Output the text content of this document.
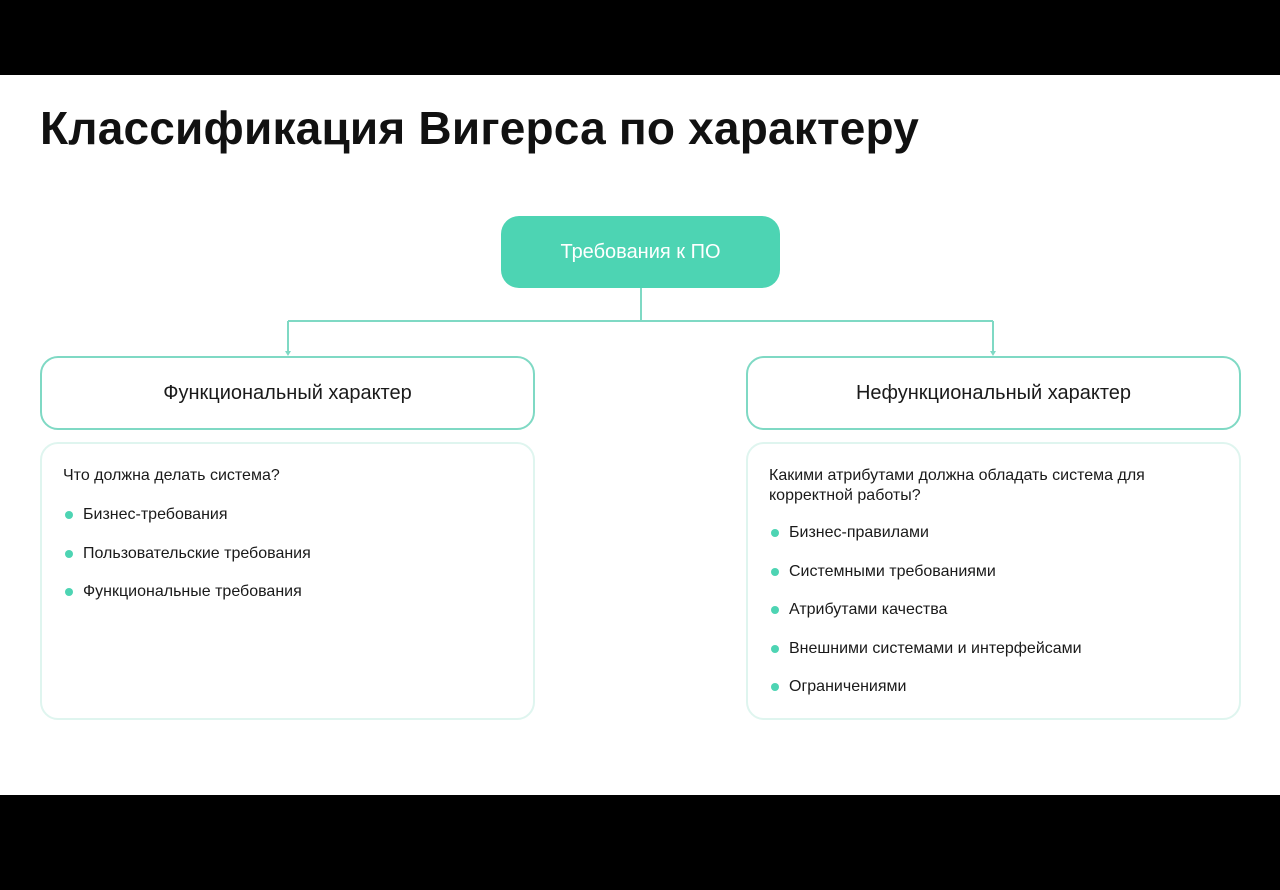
Классификация Вигерса по характеру
Требования к ПО
Функциональный характер	Нефункциональный характер
Что должна делать система?
Бизнес-требования
Пользовательские требования
Функциональные требования
Какими атрибутами должна обладать система для корректной работы?
Бизнес-правилами
Системными требованиями
Атрибутами качества
Внешними системами и интерфейсами
Ограничениями
